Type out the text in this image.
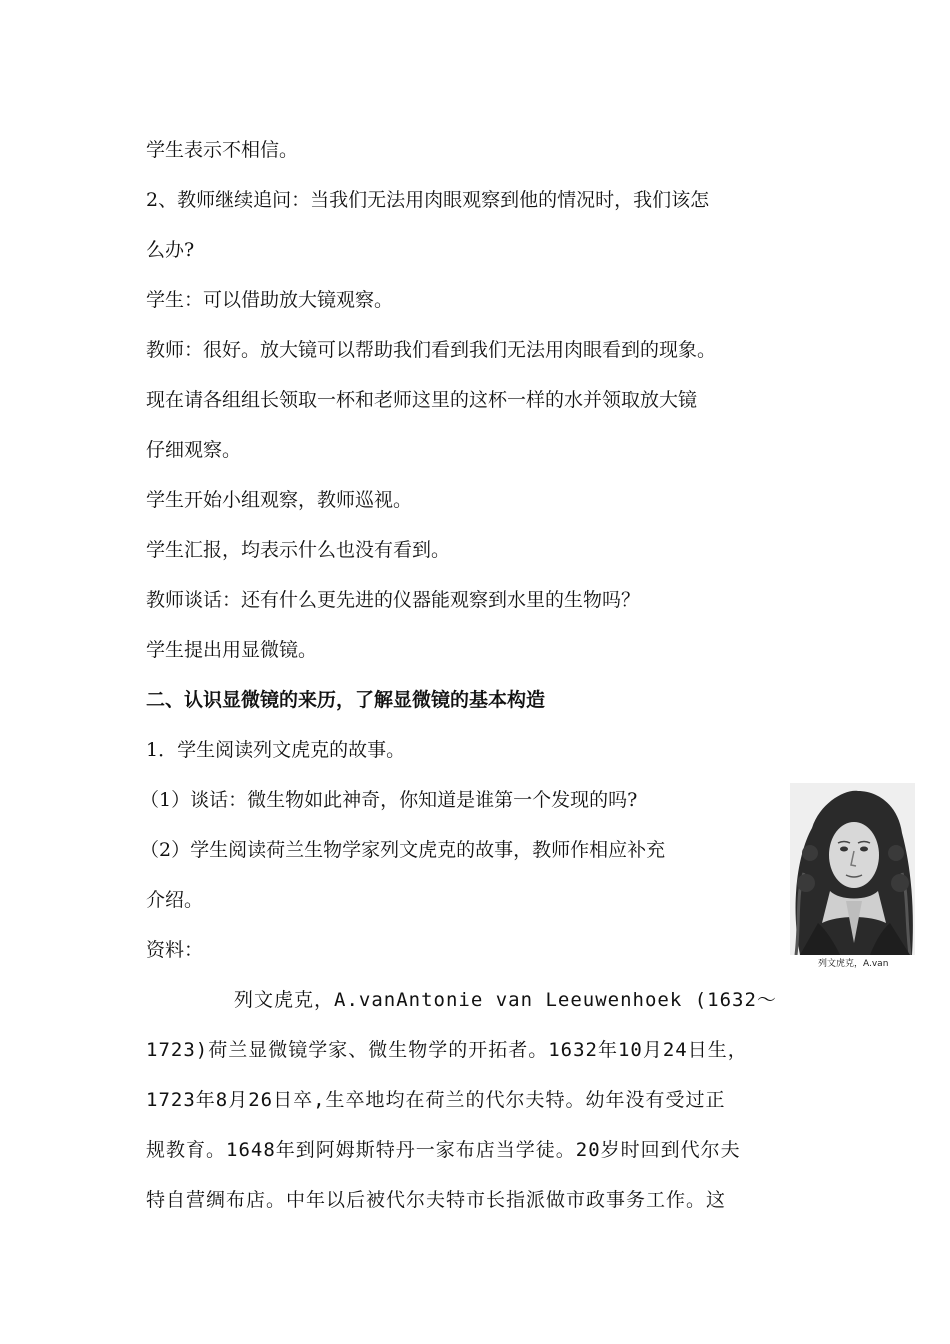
学生表示不相信。
2、教师继续追问：当我们无法用肉眼观察到他的情况时，我们该怎
么办?
学生：可以借助放大镜观察。
教师：很好。放大镜可以帮助我们看到我们无法用肉眼看到的现象。
现在请各组组长领取一杯和老师这里的这杯一样的水并领取放大镜
仔细观察。
学生开始小组观察，教师巡视。
学生汇报，均表示什么也没有看到。
教师谈话：还有什么更先进的仪器能观察到水里的生物吗？
学生提出用显微镜。
二、认识显微镜的来历，了解显微镜的基本构造
1．学生阅读列文虎克的故事。
（1）谈话：微生物如此神奇，你知道是谁第一个发现的吗?
（2）学生阅读荷兰生物学家列文虎克的故事，教师作相应补充
介绍。
资料：
列文虎克，A.van
列文虎克，A.vanAntonie van Leeuwenhoek (1632～
1723)荷兰显微镜学家、微生物学的开拓者。1632年10月24日生，
1723年8月26日卒,生卒地均在荷兰的代尔夫特。幼年没有受过正
规教育。1648年到阿姆斯特丹一家布店当学徒。20岁时回到代尔夫
特自营绸布店。中年以后被代尔夫特市长指派做市政事务工作。这
